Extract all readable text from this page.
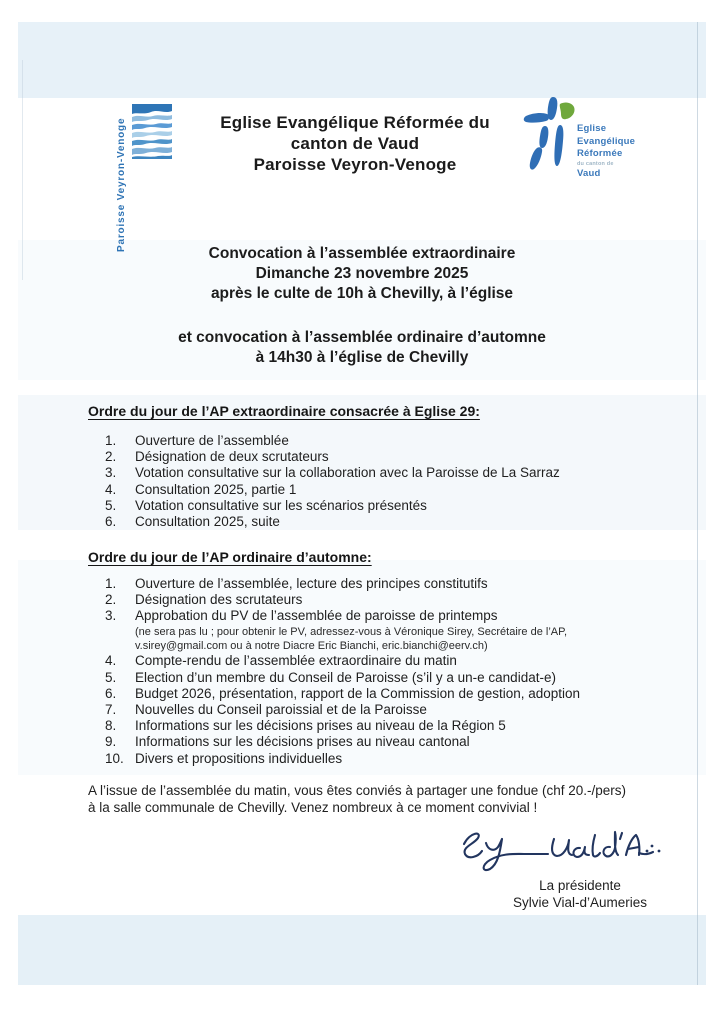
Paroisse Veyron-Venoge	Eglise Evangélique Réformée du
canton de Vaud
Paroisse Veyron-Venoge
Eglise
Evangélique
Réformée
du canton de
Vaud
Convocation à l’assemblée extraordinaire
Dimanche 23 novembre 2025
après le culte de 10h à Chevilly, à l’église
et convocation à l’assemblée ordinaire d’automne
à 14h30 à l’église de Chevilly
Ordre du jour de l’AP extraordinaire consacrée à Eglise 29:
1. Ouverture de l’assemblée
2. Désignation de deux scrutateurs
3. Votation consultative sur la collaboration avec la Paroisse de La Sarraz
4. Consultation 2025, partie 1
5. Votation consultative sur les scénarios présentés
6. Consultation 2025, suite
Ordre du jour de l’AP ordinaire d’automne:
1. Ouverture de l’assemblée, lecture des principes constitutifs
2. Désignation des scrutateurs
3. Approbation du PV de l’assemblée de paroisse de printemps
(ne sera pas lu ; pour obtenir le PV, adressez-vous à Véronique Sirey, Secrétaire de l’AP,
v.sirey@gmail.com ou à notre Diacre Eric Bianchi, eric.bianchi@eerv.ch)
4. Compte-rendu de l’assemblée extraordinaire du matin
5. Election d’un membre du Conseil de Paroisse (s’il y a un-e candidat-e)
6. Budget 2026, présentation, rapport de la Commission de gestion, adoption
7. Nouvelles du Conseil paroissial et de la Paroisse
8. Informations sur les décisions prises au niveau de la Région 5
9. Informations sur les décisions prises au niveau cantonal
10. Divers et propositions individuelles
A l’issue de l’assemblée du matin, vous êtes conviés à partager une fondue (chf 20.-/pers)
à la salle communale de Chevilly. Venez nombreux à ce moment convivial !
La présidente
Sylvie Vial-d’Aumeries
